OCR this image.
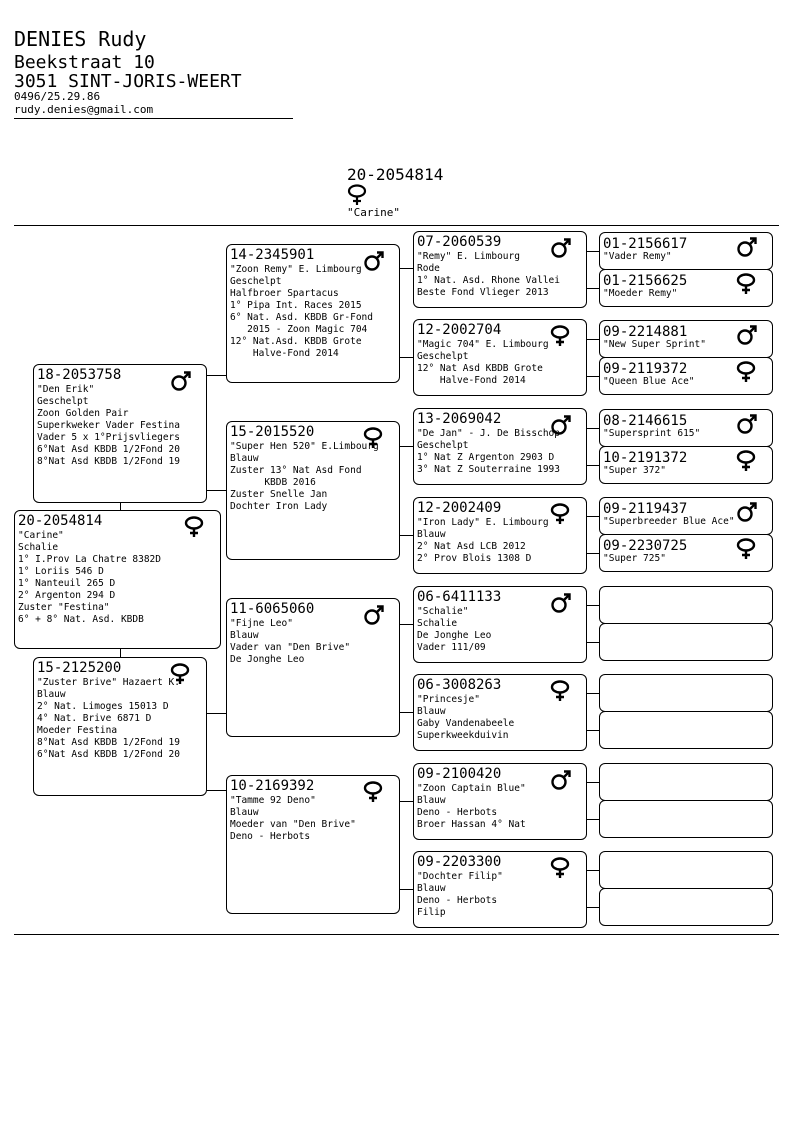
DENIES Rudy
Beekstraat 10
3051 SINT-JORIS-WEERT
0496/25.29.86
rudy.denies@gmail.com
20-2054814
"Carine"
20-2054814
"Carine"
Schalie
1° I.Prov La Chatre 8382D
1° Loriis 546 D
1° Nanteuil 265 D
2° Argenton 294 D
Zuster "Festina"
6° + 8° Nat. Asd. KBDB
18-2053758
"Den Erik"
Geschelpt
Zoon Golden Pair
Superkweker Vader Festina
Vader 5 x 1°Prijsvliegers
6°Nat Asd KBDB 1/2Fond 20
8°Nat Asd KBDB 1/2Fond 19
15-2125200
"Zuster Brive" Hazaert K.
Blauw
2° Nat. Limoges 15013 D
4° Nat. Brive 6871 D
Moeder Festina
8°Nat Asd KBDB 1/2Fond 19
6°Nat Asd KBDB 1/2Fond 20
14-2345901
"Zoon Remy" E. Limbourg
Geschelpt
Halfbroer Spartacus
1° Pipa Int. Races 2015
6° Nat. Asd. KBDB Gr-Fond
2015 - Zoon Magic 704
12° Nat.Asd. KBDB Grote
Halve-Fond 2014
15-2015520
"Super Hen 520" E.Limbourg
Blauw
Zuster 13° Nat Asd Fond
KBDB 2016
Zuster Snelle Jan
Dochter Iron Lady
11-6065060
"Fijne Leo"
Blauw
Vader van "Den Brive"
De Jonghe Leo
10-2169392
"Tamme 92 Deno"
Blauw
Moeder van "Den Brive"
Deno - Herbots
07-2060539
"Remy" E. Limbourg
Rode
1° Nat. Asd. Rhone Vallei
Beste Fond Vlieger 2013
12-2002704
"Magic 704" E. Limbourg
Geschelpt
12° Nat Asd KBDB Grote
Halve-Fond 2014
13-2069042
"De Jan" - J. De Bisschop
Geschelpt
1° Nat Z Argenton 2903 D
3° Nat Z Souterraine 1993
12-2002409
"Iron Lady" E. Limbourg
Blauw
2° Nat Asd LCB 2012
2° Prov Blois 1308 D
06-6411133
"Schalie"
Schalie
De Jonghe Leo
Vader 111/09
06-3008263
"Princesje"
Blauw
Gaby Vandenabeele
Superkweekduivin
09-2100420
"Zoon Captain Blue"
Blauw
Deno - Herbots
Broer Hassan 4° Nat
09-2203300
"Dochter Filip"
Blauw
Deno - Herbots
Filip
01-2156617
"Vader Remy"
01-2156625
"Moeder Remy"
09-2214881
"New Super Sprint"
09-2119372
"Queen Blue Ace"
08-2146615
"Supersprint 615"
10-2191372
"Super 372"
09-2119437
"Superbreeder Blue Ace"
09-2230725
"Super 725"
